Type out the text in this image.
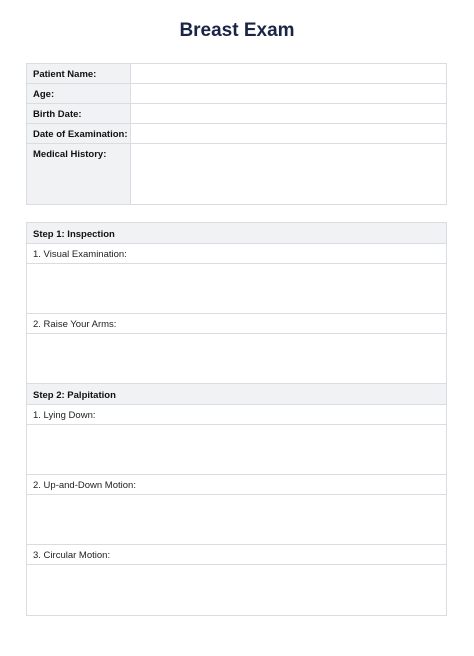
Breast Exam
Patient Name:
Age:
Birth Date:
Date of Examination:
Medical History:
Step 1: Inspection
1. Visual Examination:
2. Raise Your Arms:
Step 2: Palpitation
1. Lying Down:
2. Up-and-Down Motion:
3. Circular Motion:
